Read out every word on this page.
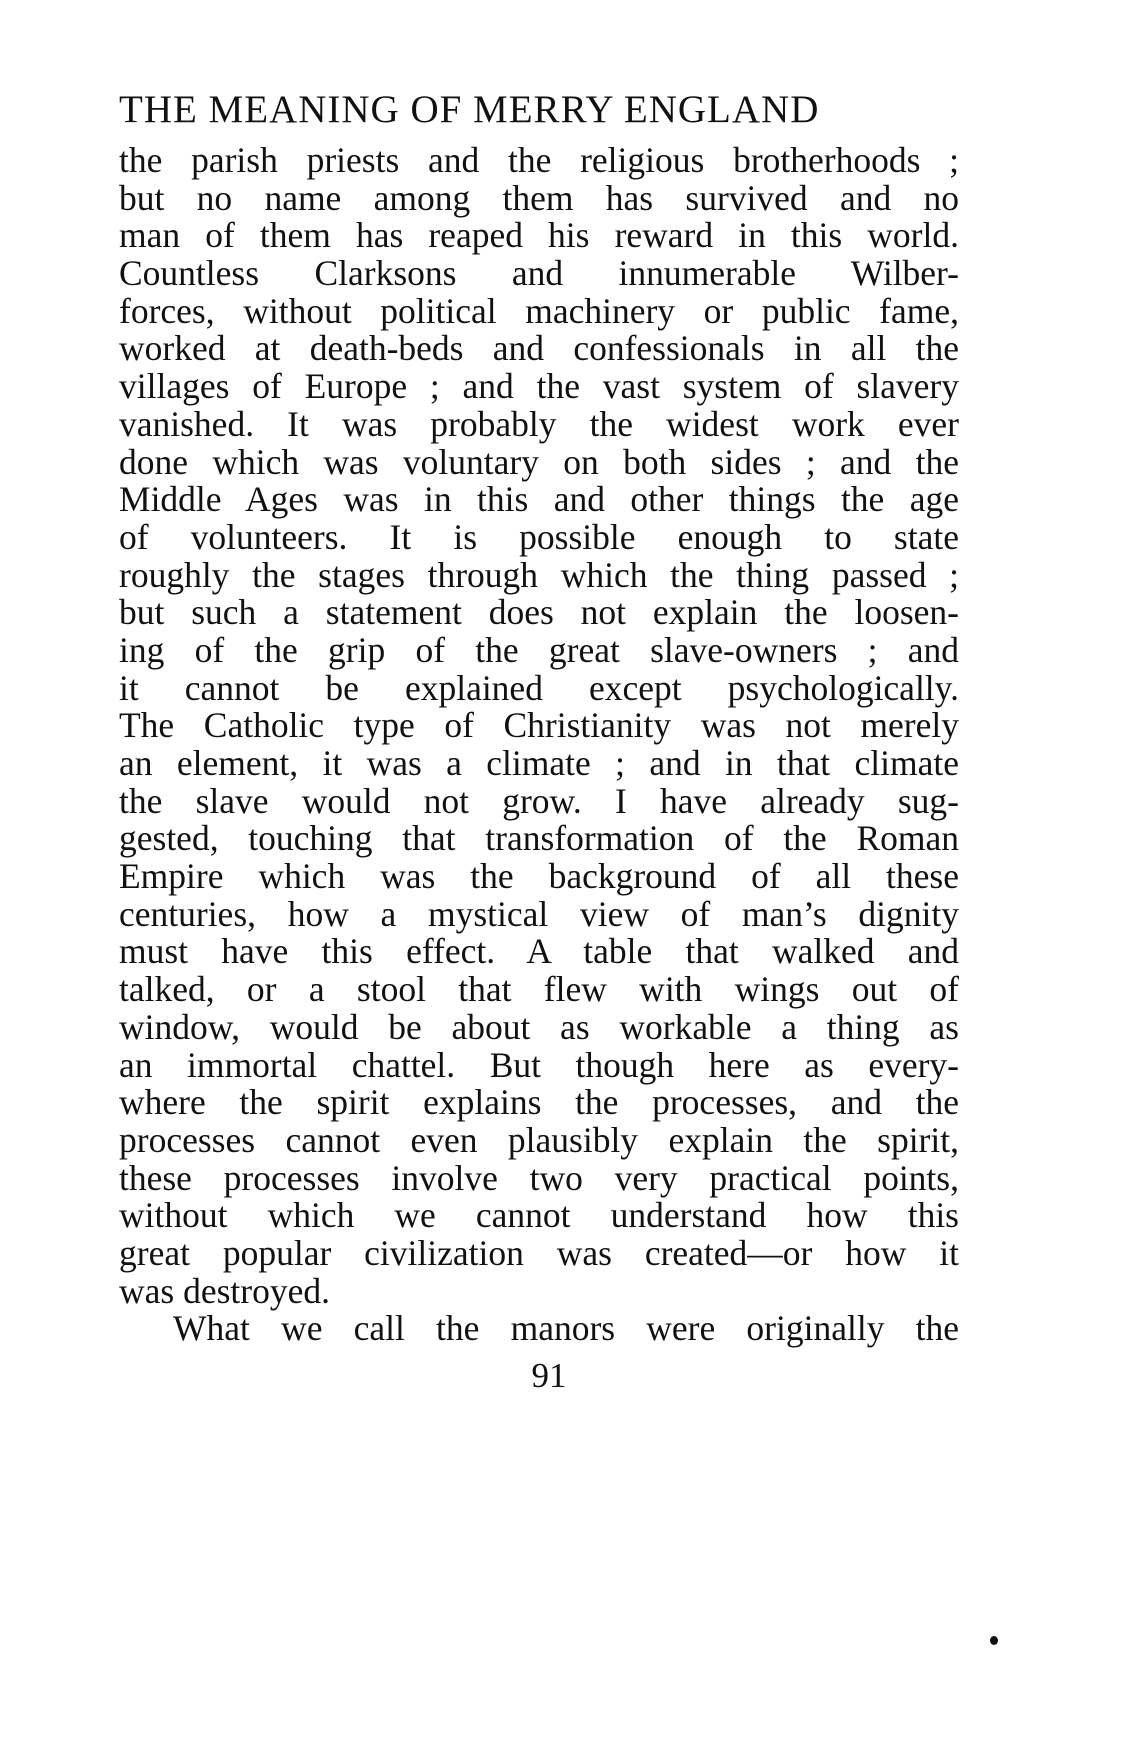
THE MEANING OF MERRY ENGLAND
the parish priests and the religious brotherhoods ;
but no name among them has survived and no
man of them has reaped his reward in this world.
Countless Clarksons and innumerable Wilber-
forces, without political machinery or public fame,
worked at death-beds and confessionals in all the
villages of Europe ; and the vast system of slavery
vanished. It was probably the widest work ever
done which was voluntary on both sides ; and the
Middle Ages was in this and other things the age
of volunteers. It is possible enough to state
roughly the stages through which the thing passed ;
but such a statement does not explain the loosen-
ing of the grip of the great slave-owners ; and
it cannot be explained except psychologically.
The Catholic type of Christianity was not merely
an element, it was a climate ; and in that climate
the slave would not grow. I have already sug-
gested, touching that transformation of the Roman
Empire which was the background of all these
centuries, how a mystical view of man’s dignity
must have this effect. A table that walked and
talked, or a stool that flew with wings out of
window, would be about as workable a thing as
an immortal chattel. But though here as every-
where the spirit explains the processes, and the
processes cannot even plausibly explain the spirit,
these processes involve two very practical points,
without which we cannot understand how this
great popular civilization was created—or how it
was destroyed.
What we call the manors were originally the
91
